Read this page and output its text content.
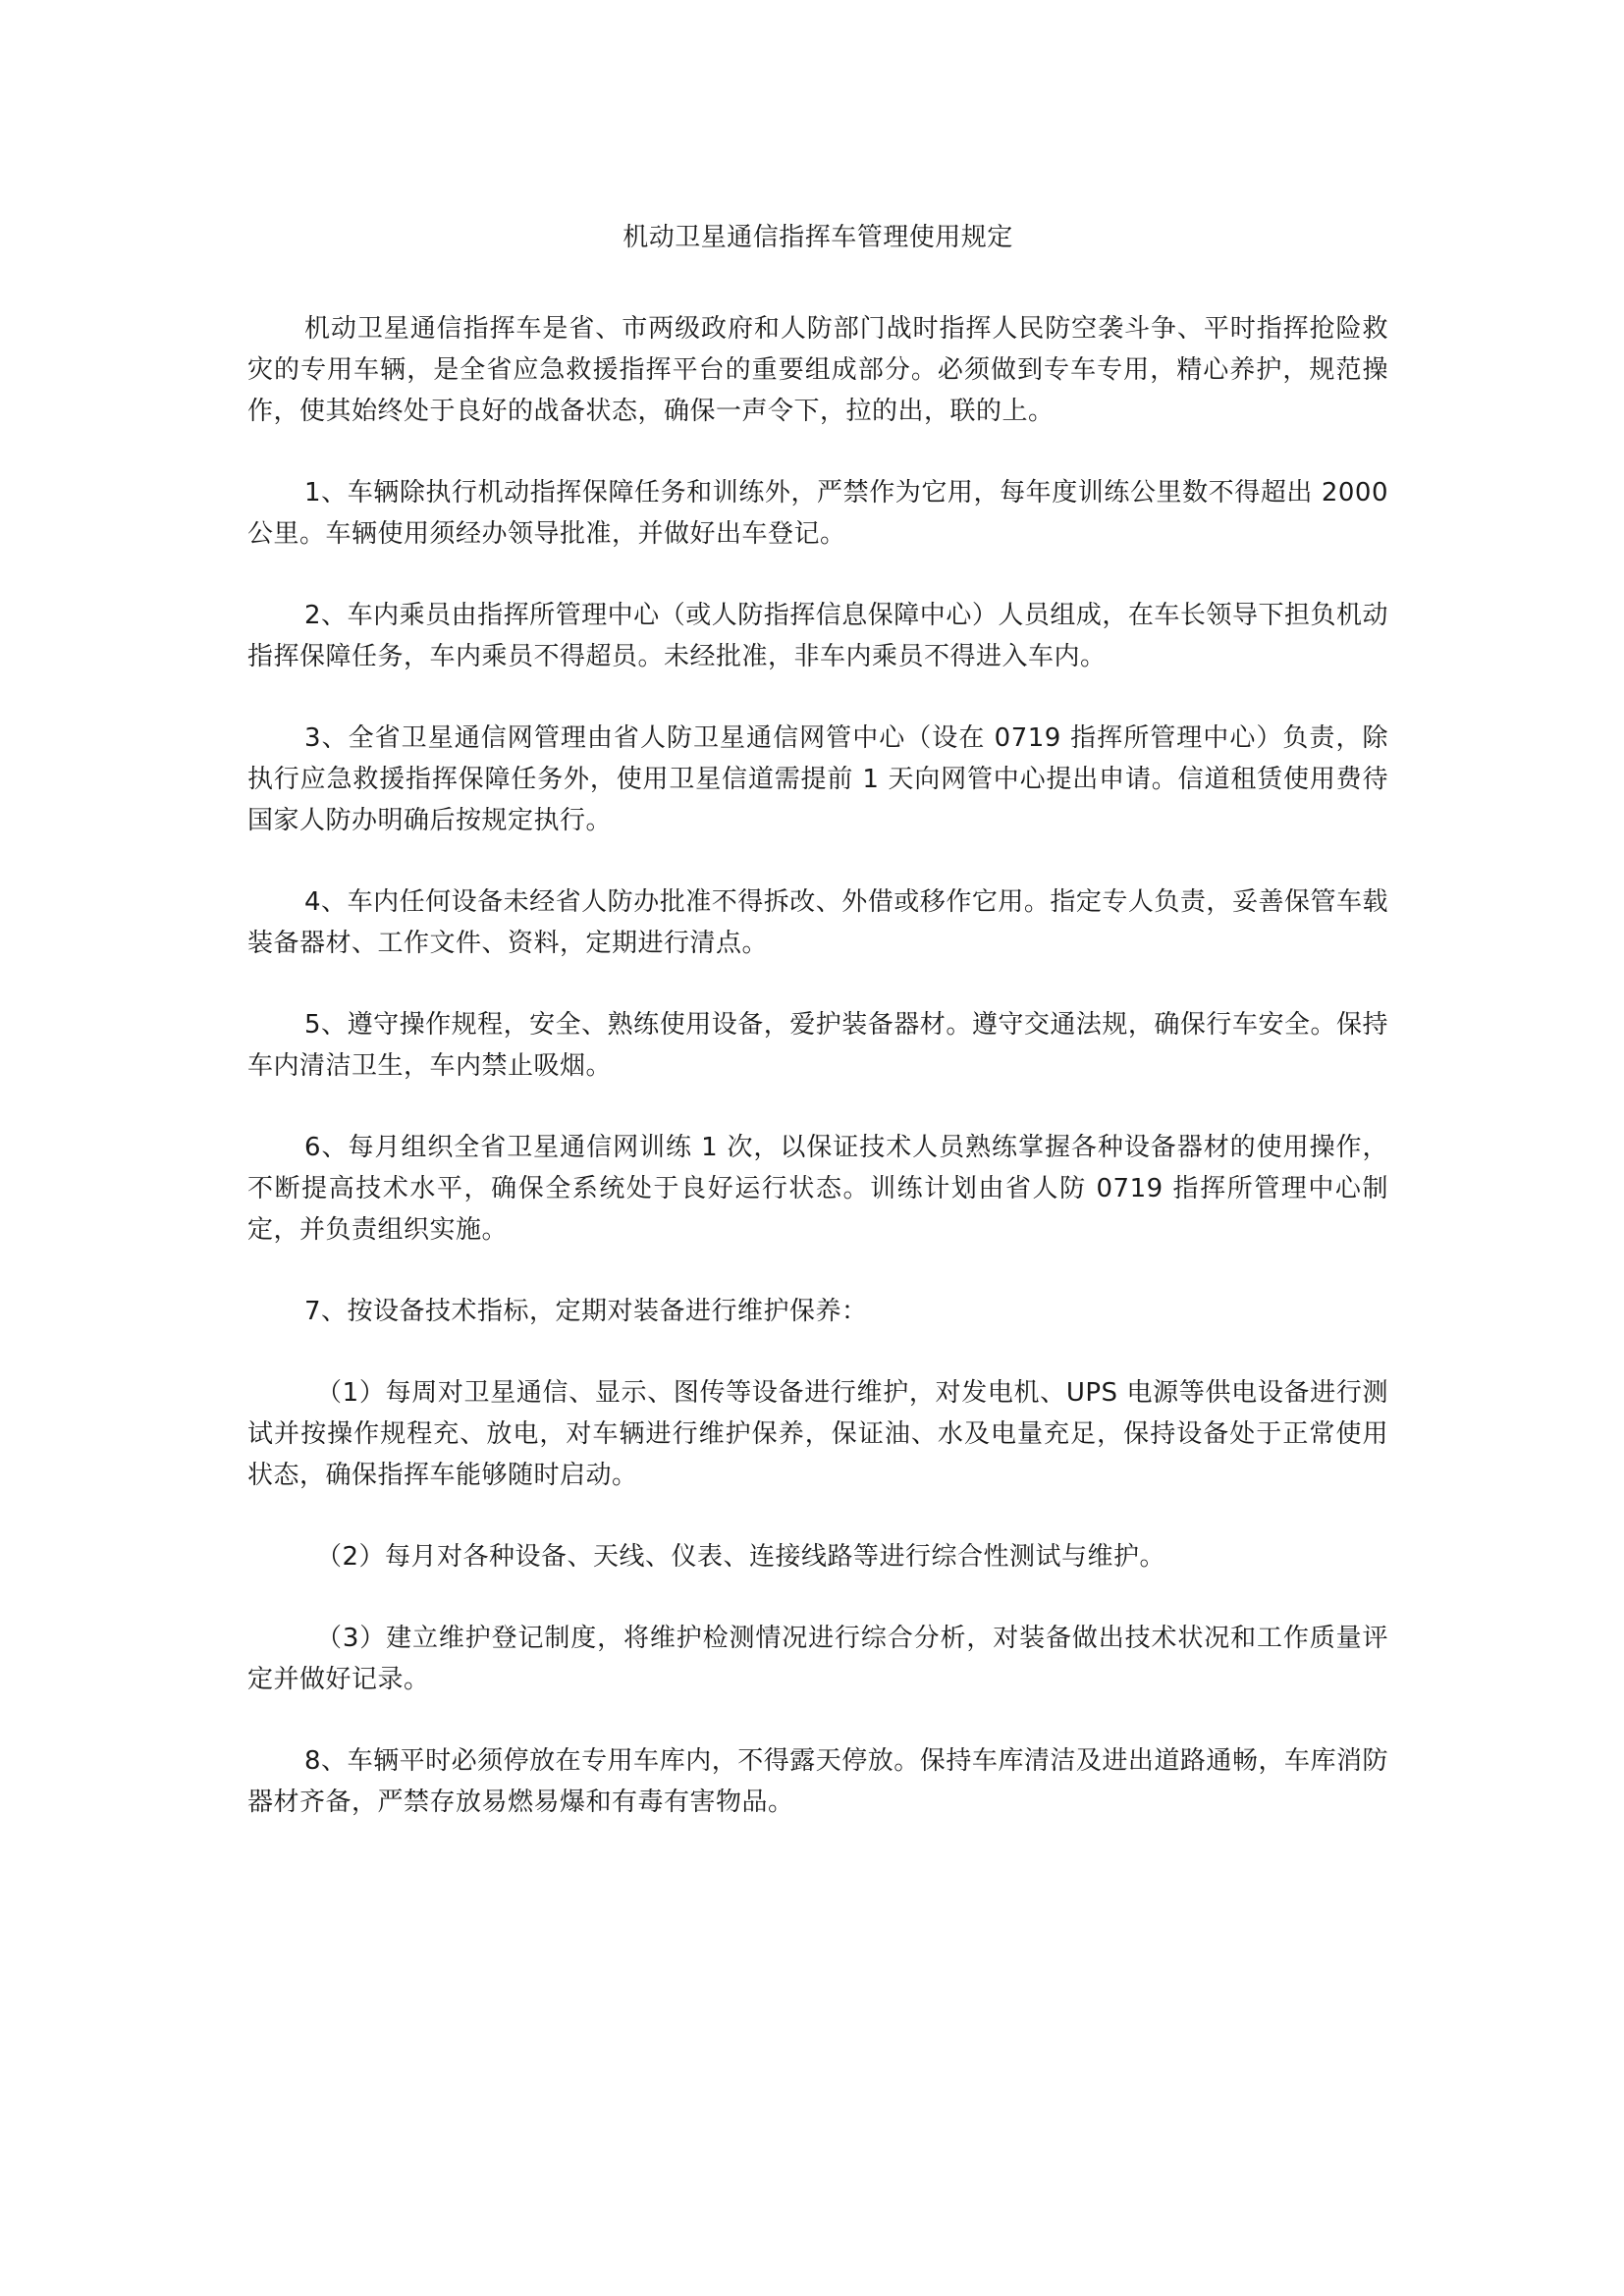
机动卫星通信指挥车管理使用规定

机动卫星通信指挥车是省、市两级政府和人防部门战时指挥人民防空袭斗争、平时指挥抢险救灾的专用车辆，是全省应急救援指挥平台的重要组成部分。必须做到专车专用，精心养护，规范操作，使其始终处于良好的战备状态，确保一声令下，拉的出，联的上。

1、车辆除执行机动指挥保障任务和训练外，严禁作为它用，每年度训练公里数不得超出 2000 公里。车辆使用须经办领导批准，并做好出车登记。

2、车内乘员由指挥所管理中心（或人防指挥信息保障中心）人员组成，在车长领导下担负机动指挥保障任务，车内乘员不得超员。未经批准，非车内乘员不得进入车内。

3、全省卫星通信网管理由省人防卫星通信网管中心（设在 0719 指挥所管理中心）负责，除执行应急救援指挥保障任务外，使用卫星信道需提前 1 天向网管中心提出申请。信道租赁使用费待国家人防办明确后按规定执行。

4、车内任何设备未经省人防办批准不得拆改、外借或移作它用。指定专人负责，妥善保管车载装备器材、工作文件、资料，定期进行清点。

5、遵守操作规程，安全、熟练使用设备，爱护装备器材。遵守交通法规，确保行车安全。保持车内清洁卫生，车内禁止吸烟。

6、每月组织全省卫星通信网训练 1 次，以保证技术人员熟练掌握各种设备器材的使用操作，不断提高技术水平，确保全系统处于良好运行状态。训练计划由省人防 0719 指挥所管理中心制定，并负责组织实施。

7、按设备技术指标，定期对装备进行维护保养：

（1）每周对卫星通信、显示、图传等设备进行维护，对发电机、UPS 电源等供电设备进行测试并按操作规程充、放电，对车辆进行维护保养，保证油、水及电量充足，保持设备处于正常使用状态，确保指挥车能够随时启动。

（2）每月对各种设备、天线、仪表、连接线路等进行综合性测试与维护。

（3）建立维护登记制度，将维护检测情况进行综合分析，对装备做出技术状况和工作质量评定并做好记录。

8、车辆平时必须停放在专用车库内，不得露天停放。保持车库清洁及进出道路通畅，车库消防器材齐备，严禁存放易燃易爆和有毒有害物品。
